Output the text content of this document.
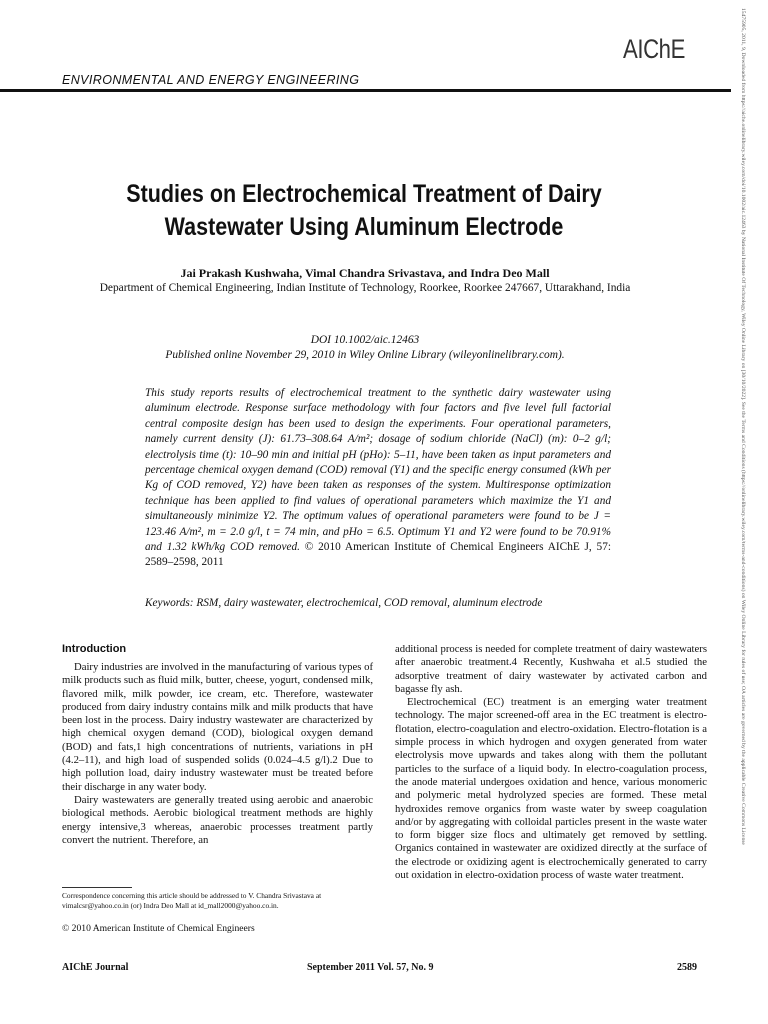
AIChE
ENVIRONMENTAL AND ENERGY ENGINEERING
Studies on Electrochemical Treatment of Dairy
Wastewater Using Aluminum Electrode
Jai Prakash Kushwaha, Vimal Chandra Srivastava, and Indra Deo Mall
Department of Chemical Engineering, Indian Institute of Technology, Roorkee, Roorkee 247667, Uttarakhand, India
DOI 10.1002/aic.12463
Published online November 29, 2010 in Wiley Online Library (wileyonlinelibrary.com).
This study reports results of electrochemical treatment to the synthetic dairy wastewater using aluminum electrode. Response surface methodology with four factors and five level full factorial central composite design has been used to design the experiments. Four operational parameters, namely current density (J): 61.73–308.64 A/m²; dosage of sodium chloride (NaCl) (m): 0–2 g/l; electrolysis time (t): 10–90 min and initial pH (pHo): 5–11, have been taken as input parameters and percentage chemical oxygen demand (COD) removal (Y1) and the specific energy consumed (kWh per Kg of COD removed, Y2) have been taken as responses of the system. Multiresponse optimization technique has been applied to find values of operational parameters which maximize the Y1 and simultaneously minimize Y2. The optimum values of operational parameters were found to be J = 123.46 A/m², m = 2.0 g/l, t = 74 min, and pHo = 6.5. Optimum Y1 and Y2 were found to be 70.91% and 1.32 kWh/kg COD removed. © 2010 American Institute of Chemical Engineers AIChE J, 57: 2589–2598, 2011
Keywords: RSM, dairy wastewater, electrochemical, COD removal, aluminum electrode
Introduction

Dairy industries are involved in the manufacturing of various types of milk products such as fluid milk, butter, cheese, yogurt, condensed milk, flavored milk, milk powder, ice cream, etc. Therefore, wastewater produced from dairy industry contains milk and milk products that have been lost in the process. Dairy industry wastewater are characterized by high chemical oxygen demand (COD), biological oxygen demand (BOD) and fats,1 high concentrations of nutrients, variations in pH (4.2–11), and high load of suspended solids (0.024–4.5 g/l).2 Due to high pollution load, dairy industry wastewater must be treated before their discharge in any water body.

Dairy wastewaters are generally treated using aerobic and anaerobic biological methods. Aerobic biological treatment methods are highly energy intensive,3 whereas, anaerobic processes treatment partly convert the nutrient. Therefore, an

additional process is needed for complete treatment of dairy wastewaters after anaerobic treatment.4 Recently, Kushwaha et al.5 studied the adsorptive treatment of dairy wastewater by activated carbon and bagasse fly ash.

Electrochemical (EC) treatment is an emerging water treatment technology. The major screened-off area in the EC treatment is electro-flotation, electro-coagulation and electro-oxidation. Electro-flotation is a simple process in which hydrogen and oxygen generated from water electrolysis move upwards and takes along with them the pollutant particles to the surface of a liquid body. In electro-coagulation process, the anode material undergoes oxidation and hence, various monomeric and polymeric metal hydrolyzed species are formed. These metal hydroxides remove organics from waste water by sweep coagulation and/or by aggregating with colloidal particles present in the waste water to form bigger size flocs and ultimately get removed by settling. Organics contained in wastewater are oxidized directly at the surface of the electrode or oxidizing agent is electrochemically generated to carry out oxidation in electro-oxidation process of waste water treatment.

Correspondence concerning this article should be addressed to V. Chandra Srivastava at vimalcsr@yahoo.co.in (or) Indra Deo Mall at id_mall2000@yahoo.co.in.
© 2010 American Institute of Chemical Engineers
AIChE Journal	September 2011 Vol. 57, No. 9	2589
15475905, 2011, 9, Downloaded from https://aiche.onlinelibrary.wiley.com/doi/10.1002/aic.12463 by National Institute Of Technology, Wiley Online Library on [30/10/2022]. See the Terms and Conditions (https://onlinelibrary.wiley.com/terms-and-conditions) on Wiley Online Library for rules of use; OA articles are governed by the applicable Creative Commons License
